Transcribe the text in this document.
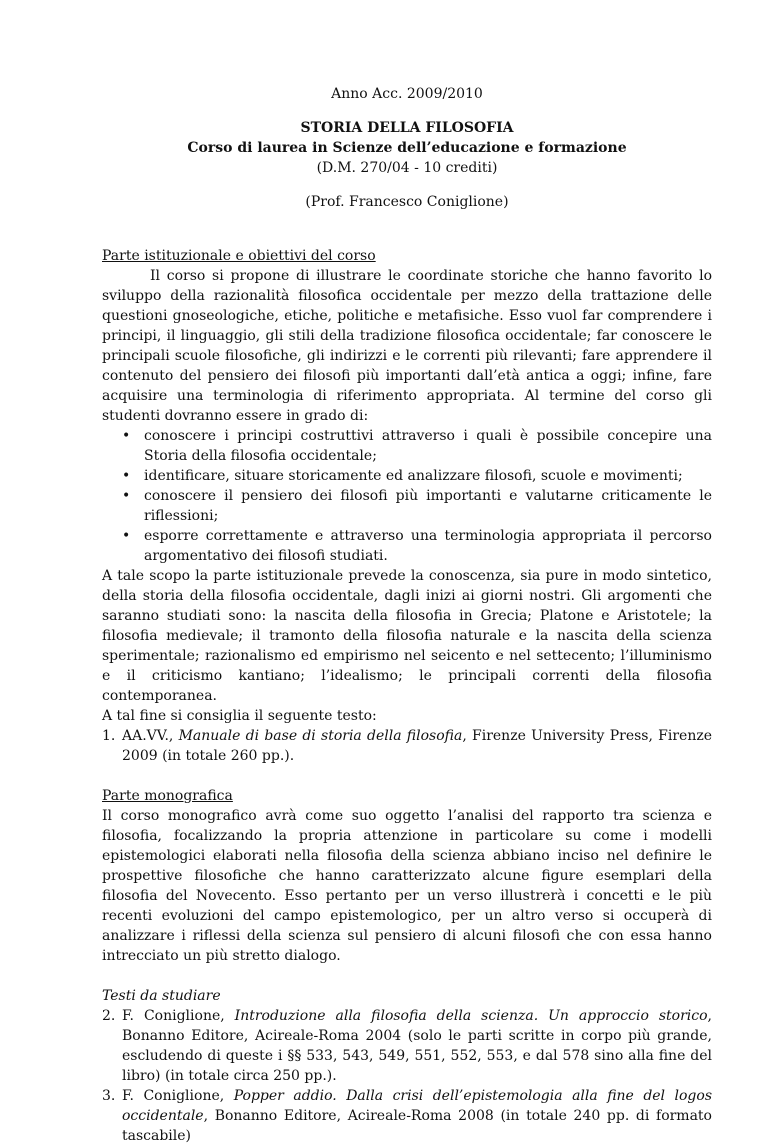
Anno Acc. 2009/2010
STORIA DELLA FILOSOFIA
Corso di laurea in Scienze dell’educazione e formazione
(D.M. 270/04 - 10 crediti)
(Prof. Francesco Coniglione)
Parte istituzionale e obiettivi del corso

Il corso si propone di illustrare le coordinate storiche che hanno favorito lo sviluppo della razionalità filosofica occidentale per mezzo della trattazione delle questioni gnoseologiche, etiche, politiche e metafisiche. Esso vuol far comprendere i principi, il linguaggio, gli stili della tradizione filosofica occidentale; far conoscere le principali scuole filosofiche, gli indirizzi e le correnti più rilevanti; fare apprendere il contenuto del pensiero dei filosofi più importanti dall’età antica a oggi; infine, fare acquisire una terminologia di riferimento appropriata. Al termine del corso gli studenti dovranno essere in grado di:

• conoscere i principi costruttivi attraverso i quali è possibile concepire una Storia della filosofia occidentale;
• identificare, situare storicamente ed analizzare filosofi, scuole e movimenti;
• conoscere il pensiero dei filosofi più importanti e valutarne criticamente le riflessioni;
• esporre correttamente e attraverso una terminologia appropriata il percorso argomentativo dei filosofi studiati.

A tale scopo la parte istituzionale prevede la conoscenza, sia pure in modo sintetico, della storia della filosofia occidentale, dagli inizi ai giorni nostri. Gli argomenti che saranno studiati sono: la nascita della filosofia in Grecia; Platone e Aristotele; la filosofia medievale; il tramonto della filosofia naturale e la nascita della scienza sperimentale; razionalismo ed empirismo nel seicento e nel settecento; l’illuminismo e il criticismo kantiano; l’idealismo; le principali correnti della filosofia contemporanea.

A tal fine si consiglia il seguente testo:

1. AA.VV., Manuale di base di storia della filosofia, Firenze University Press, Firenze 2009 (in totale 260 pp.).
Parte monografica

Il corso monografico avrà come suo oggetto l’analisi del rapporto tra scienza e filosofia, focalizzando la propria attenzione in particolare su come i modelli epistemologici elaborati nella filosofia della scienza abbiano inciso nel definire le prospettive filosofiche che hanno caratterizzato alcune figure esemplari della filosofia del Novecento. Esso pertanto per un verso illustrerà i concetti e le più recenti evoluzioni del campo epistemologico, per un altro verso si occuperà di analizzare i riflessi della scienza sul pensiero di alcuni filosofi che con essa hanno intrecciato un più stretto dialogo.

Testi da studiare
2. F. Coniglione, Introduzione alla filosofia della scienza. Un approccio storico, Bonanno Editore, Acireale-Roma 2004 (solo le parti scritte in corpo più grande, escludendo di queste i §§ 533, 543, 549, 551, 552, 553, e dal 578 sino alla fine del libro) (in totale circa 250 pp.).
3. F. Coniglione, Popper addio. Dalla crisi dell’epistemologia alla fine del logos occidentale, Bonanno Editore, Acireale-Roma 2008 (in totale 240 pp. di formato tascabile)
